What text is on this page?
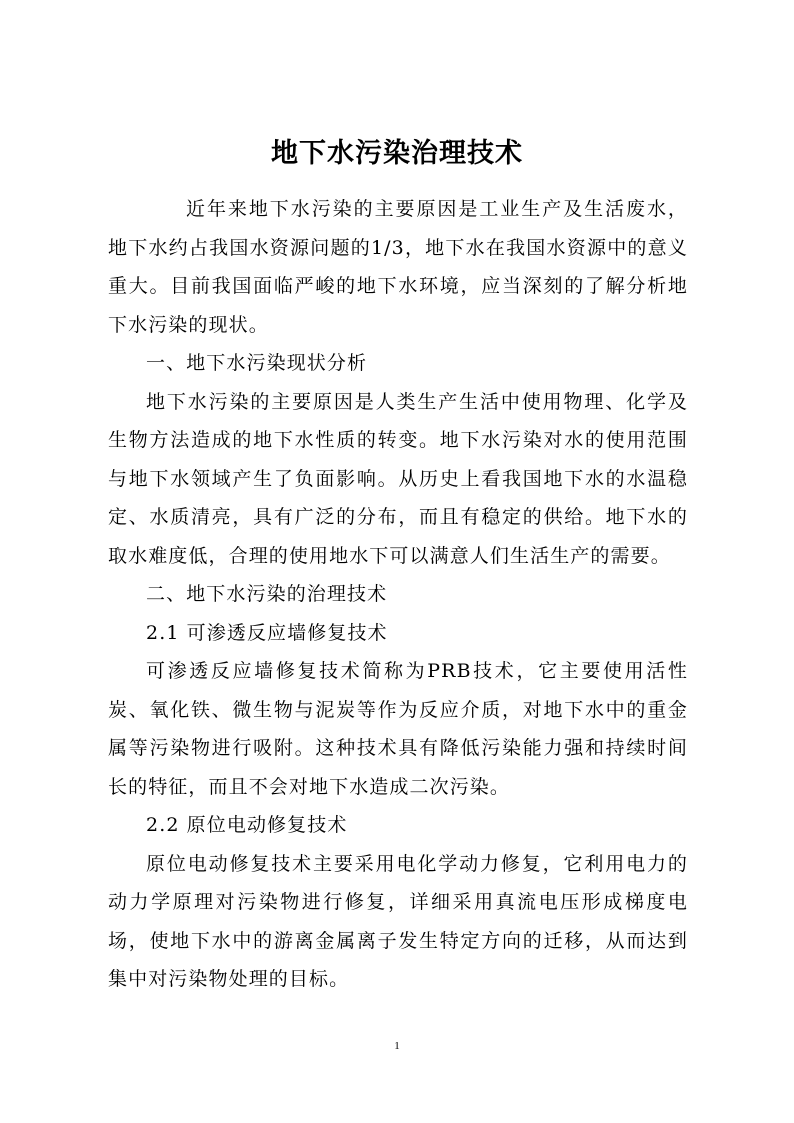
地下水污染治理技术

近年来地下水污染的主要原因是工业生产及生活废水，地下水约占我国水资源问题的1/3，地下水在我国水资源中的意义重大。目前我国面临严峻的地下水环境，应当深刻的了解分析地下水污染的现状。

一、地下水污染现状分析

地下水污染的主要原因是人类生产生活中使用物理、化学及生物方法造成的地下水性质的转变。地下水污染对水的使用范围与地下水领域产生了负面影响。从历史上看我国地下水的水温稳定、水质清亮，具有广泛的分布，而且有稳定的供给。地下水的取水难度低，合理的使用地水下可以满意人们生活生产的需要。

二、地下水污染的治理技术

2.1 可渗透反应墙修复技术

可渗透反应墙修复技术简称为PRB技术，它主要使用活性炭、氧化铁、微生物与泥炭等作为反应介质，对地下水中的重金属等污染物进行吸附。这种技术具有降低污染能力强和持续时间长的特征，而且不会对地下水造成二次污染。

2.2 原位电动修复技术

原位电动修复技术主要采用电化学动力修复，它利用电力的动力学原理对污染物进行修复，详细采用真流电压形成梯度电场，使地下水中的游离金属离子发生特定方向的迁移，从而达到集中对污染物处理的目标。

1
